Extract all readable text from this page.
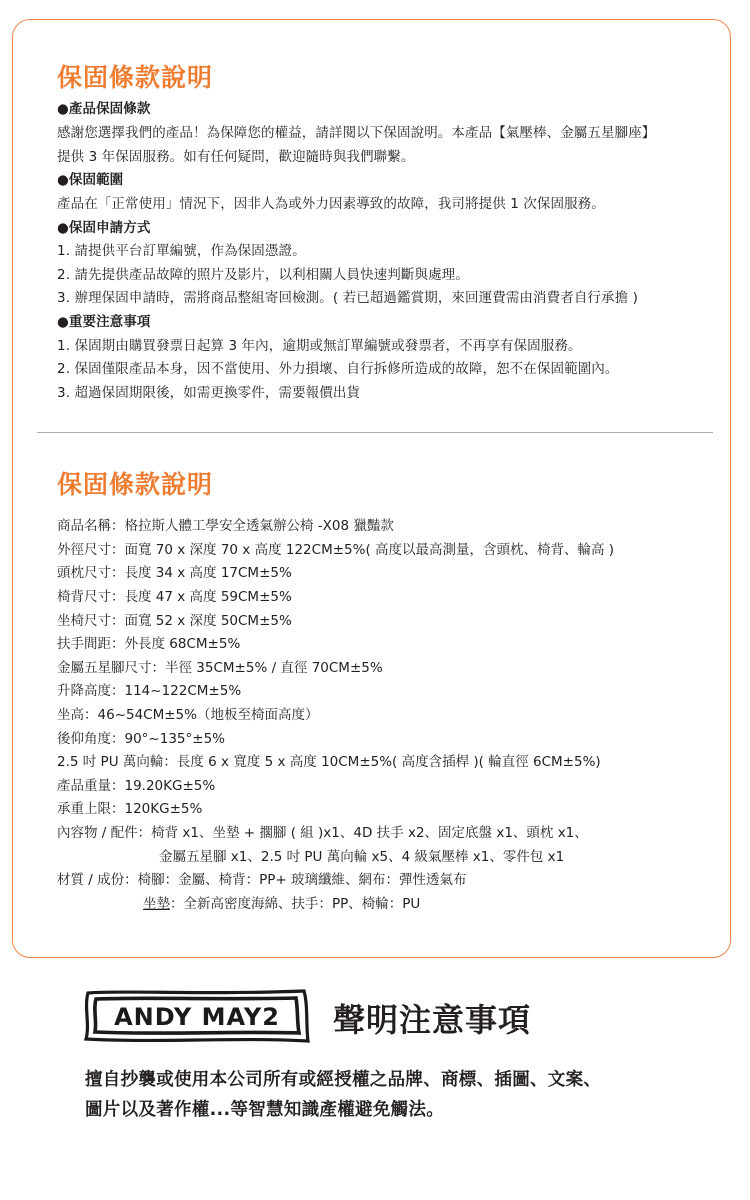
保固條款說明
●產品保固條款
感謝您選擇我們的產品！為保障您的權益，請詳閱以下保固說明。本產品【氣壓棒、金屬五星腳座】
提供 3 年保固服務。如有任何疑問，歡迎隨時與我們聯繫。
●保固範圍
產品在「正常使用」情況下，因非人為或外力因素導致的故障，我司將提供 1 次保固服務。
●保固申請方式
1. 請提供平台訂單編號，作為保固憑證。
2. 請先提供產品故障的照片及影片，以利相關人員快速判斷與處理。
3. 辦理保固申請時，需將商品整組寄回檢測。( 若已超過鑑賞期，來回運費需由消費者自行承擔 )
●重要注意事項
1. 保固期由購買發票日起算 3 年內，逾期或無訂單編號或發票者，不再享有保固服務。
2. 保固僅限產品本身，因不當使用、外力損壞、自行拆修所造成的故障，恕不在保固範圍內。
3. 超過保固期限後，如需更換零件，需要報價出貨
保固條款說明
商品名稱：格拉斯人體工學安全透氣辦公椅 -X08 獵豔款
外徑尺寸：面寬 70 x 深度 70 x 高度 122CM±5%( 高度以最高測量，含頭枕、椅背、輪高 )
頭枕尺寸：長度 34 x 高度 17CM±5%
椅背尺寸：長度 47 x 高度 59CM±5%
坐椅尺寸：面寬 52 x 深度 50CM±5%
扶手間距：外長度 68CM±5%
金屬五星腳尺寸：半徑 35CM±5% / 直徑 70CM±5%
升降高度：114~122CM±5%
坐高：46~54CM±5%（地板至椅面高度）
後仰角度：90°~135°±5%
2.5 吋 PU 萬向輪：長度 6 x 寬度 5 x 高度 10CM±5%( 高度含插桿 )( 輪直徑 6CM±5%)
產品重量：19.20KG±5%
承重上限：120KG±5%
內容物 / 配件：椅背 x1、坐墊 + 擱腳 ( 組 )x1、4D 扶手 x2、固定底盤 x1、頭枕 x1、
金屬五星腳 x1、2.5 吋 PU 萬向輪 x5、4 級氣壓棒 x1、零件包 x1
材質 / 成份：椅腳：金屬、椅背：PP+ 玻璃纖維、網布：彈性透氣布
坐墊：全新高密度海綿、扶手：PP、椅輪：PU
ANDY MAY2 聲明注意事項
擅自抄襲或使用本公司所有或經授權之品牌、商標、插圖、文案、
圖片以及著作權...等智慧知識產權避免觸法。
